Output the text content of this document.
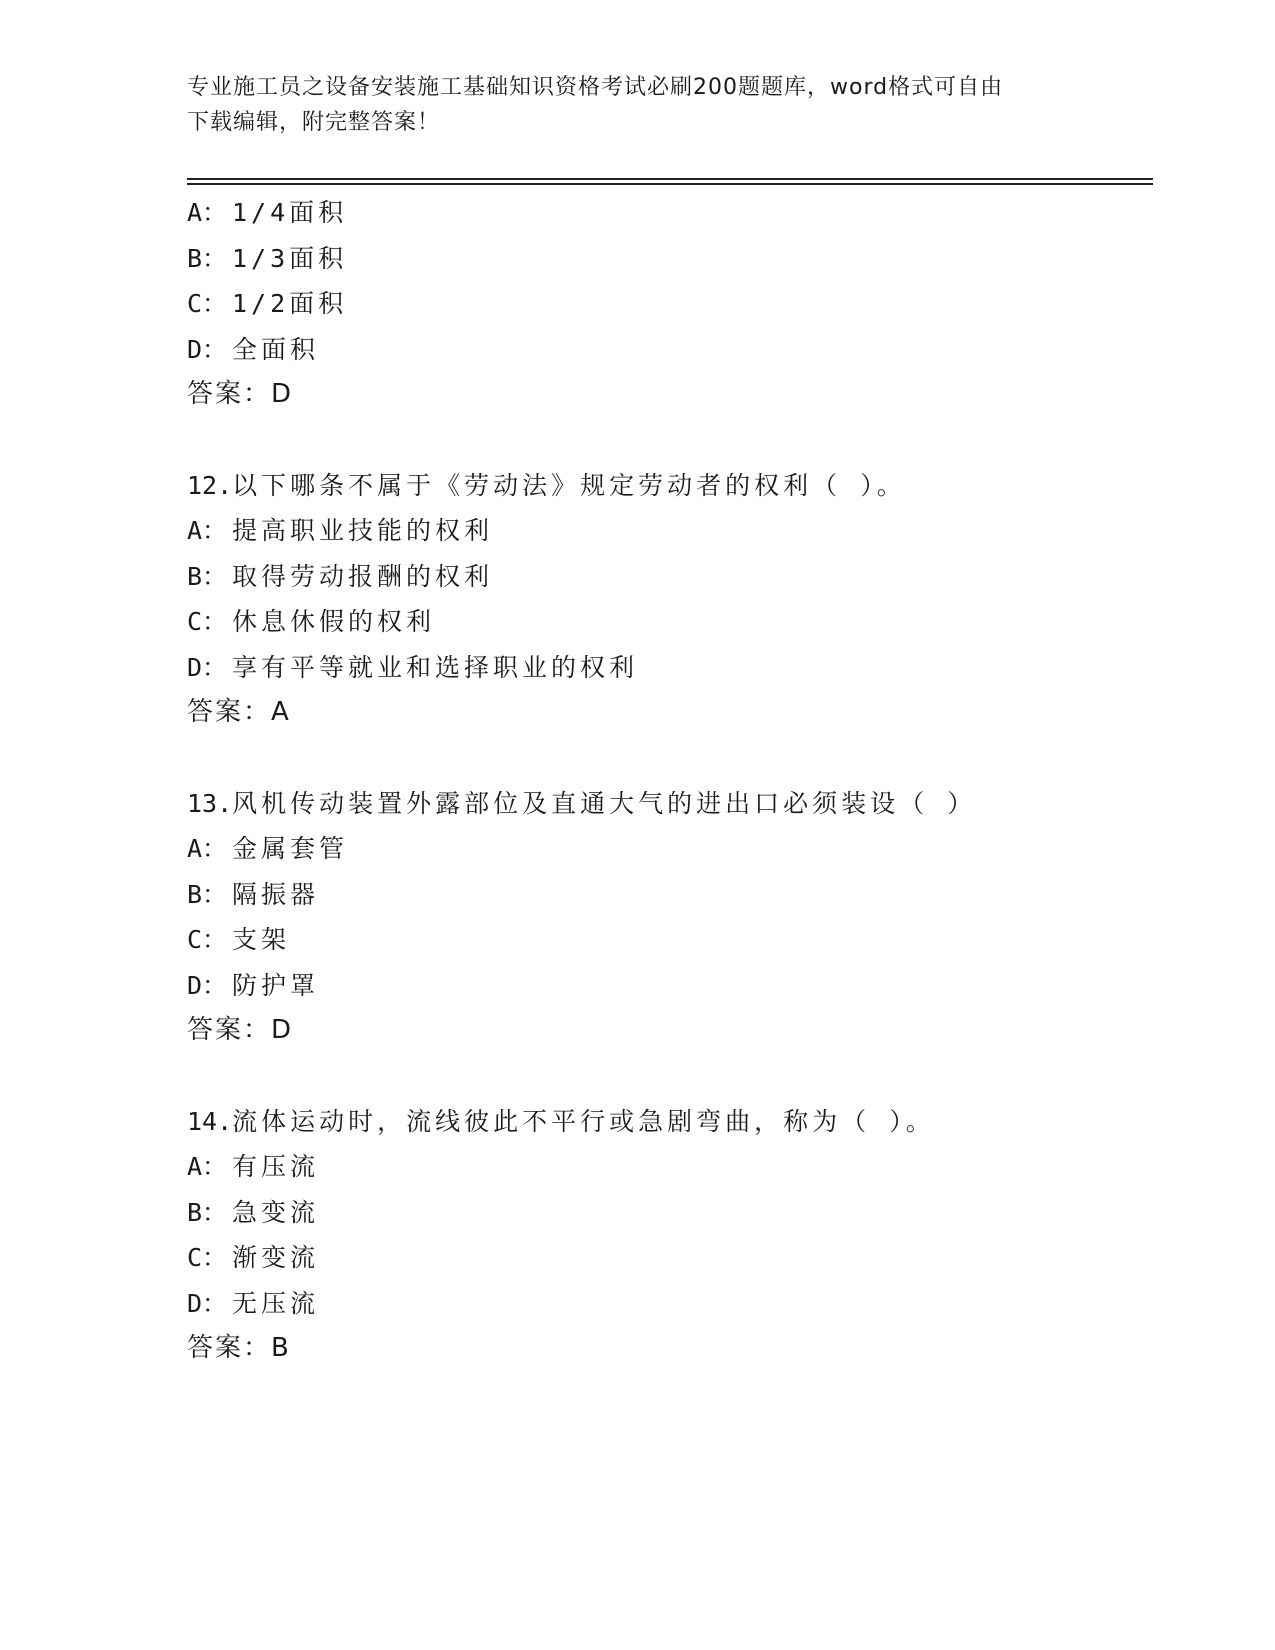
专业施工员之设备安装施工基础知识资格考试必刷200题题库，word格式可自由
下载编辑，附完整答案！
A： 1/4面积
B： 1/3面积
C： 1/2面积
D： 全面积
答案：D
12.以下哪条不属于《劳动法》规定劳动者的权利（ ）。
A： 提高职业技能的权利
B： 取得劳动报酬的权利
C： 休息休假的权利
D： 享有平等就业和选择职业的权利
答案：A
13.风机传动装置外露部位及直通大气的进出口必须装设（ ）
A： 金属套管
B： 隔振器
C： 支架
D： 防护罩
答案：D
14.流体运动时，流线彼此不平行或急剧弯曲，称为（ ）。
A： 有压流
B： 急变流
C： 渐变流
D： 无压流
答案：B
